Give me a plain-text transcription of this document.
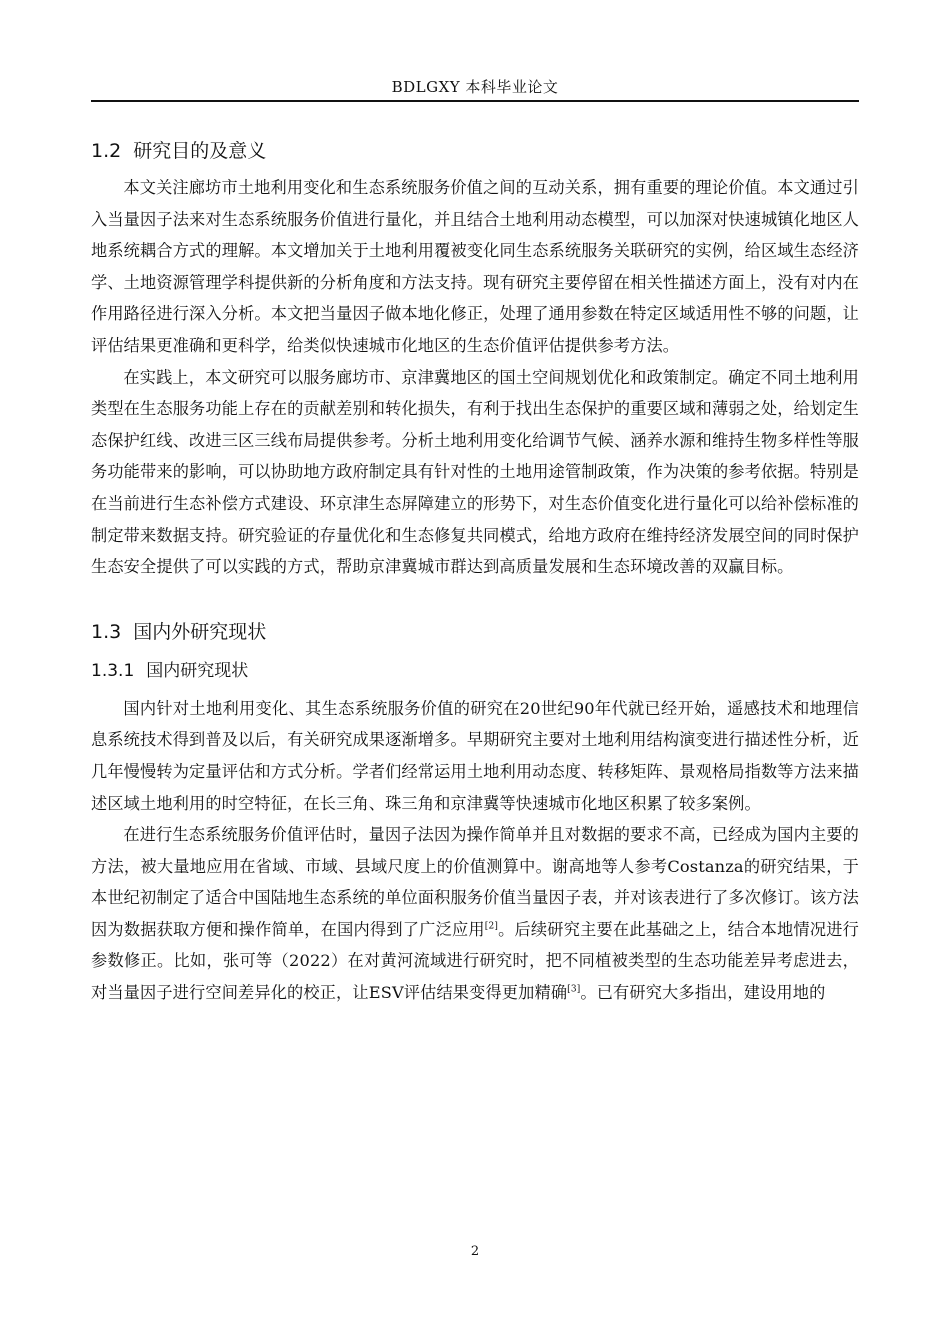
BDLGXY 本科毕业论文
1.2 研究目的及意义

本文关注廊坊市土地利用变化和生态系统服务价值之间的互动关系，拥有重要的理论价值。本文通过引入当量因子法来对生态系统服务价值进行量化，并且结合土地利用动态模型，可以加深对快速城镇化地区人地系统耦合方式的理解。本文增加关于土地利用覆被变化同生态系统服务关联研究的实例，给区域生态经济学、土地资源管理学科提供新的分析角度和方法支持。现有研究主要停留在相关性描述方面上，没有对内在作用路径进行深入分析。本文把当量因子做本地化修正，处理了通用参数在特定区域适用性不够的问题，让评估结果更准确和更科学，给类似快速城市化地区的生态价值评估提供参考方法。

在实践上，本文研究可以服务廊坊市、京津冀地区的国土空间规划优化和政策制定。确定不同土地利用类型在生态服务功能上存在的贡献差别和转化损失，有利于找出生态保护的重要区域和薄弱之处，给划定生态保护红线、改进三区三线布局提供参考。分析土地利用变化给调节气候、涵养水源和维持生物多样性等服务功能带来的影响，可以协助地方政府制定具有针对性的土地用途管制政策，作为决策的参考依据。特别是在当前进行生态补偿方式建设、环京津生态屏障建立的形势下，对生态价值变化进行量化可以给补偿标准的制定带来数据支持。研究验证的存量优化和生态修复共同模式，给地方政府在维持经济发展空间的同时保护生态安全提供了可以实践的方式，帮助京津冀城市群达到高质量发展和生态环境改善的双赢目标。

1.3 国内外研究现状
1.3.1 国内研究现状

国内针对土地利用变化、其生态系统服务价值的研究在20世纪90年代就已经开始，遥感技术和地理信息系统技术得到普及以后，有关研究成果逐渐增多。早期研究主要对土地利用结构演变进行描述性分析，近几年慢慢转为定量评估和方式分析。学者们经常运用土地利用动态度、转移矩阵、景观格局指数等方法来描述区域土地利用的时空特征，在长三角、珠三角和京津冀等快速城市化地区积累了较多案例。

在进行生态系统服务价值评估时，量因子法因为操作简单并且对数据的要求不高，已经成为国内主要的方法，被大量地应用在省域、市域、县域尺度上的价值测算中。谢高地等人参考Costanza的研究结果，于本世纪初制定了适合中国陆地生态系统的单位面积服务价值当量因子表，并对该表进行了多次修订。该方法因为数据获取方便和操作简单，在国内得到了广泛应用[2]。后续研究主要在此基础之上，结合本地情况进行参数修正。比如，张可等（2022）在对黄河流域进行研究时，把不同植被类型的生态功能差异考虑进去，对当量因子进行空间差异化的校正，让ESV评估结果变得更加精确[3]。已有研究大多指出，建设用地的

2
